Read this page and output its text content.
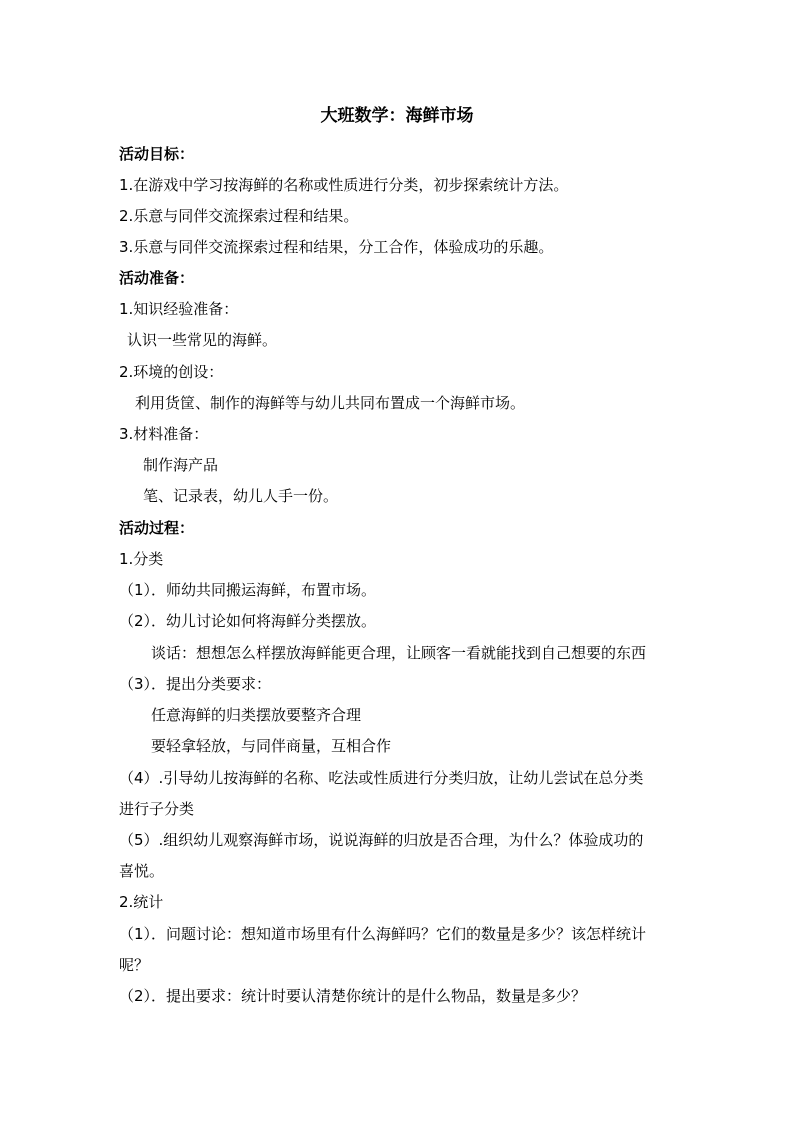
大班数学：海鲜市场
活动目标：
1.在游戏中学习按海鲜的名称或性质进行分类，初步探索统计方法。
2.乐意与同伴交流探索过程和结果。
3.乐意与同伴交流探索过程和结果，分工合作，体验成功的乐趣。
活动准备：
1.知识经验准备：
认识一些常见的海鲜。
2.环境的创设：
利用货筐、制作的海鲜等与幼儿共同布置成一个海鲜市场。
3.材料准备：
制作海产品
笔、记录表，幼儿人手一份。
活动过程：
1.分类
（1）．师幼共同搬运海鲜，布置市场。
（2）．幼儿讨论如何将海鲜分类摆放。
谈话：想想怎么样摆放海鲜能更合理，让顾客一看就能找到自己想要的东西
（3）．提出分类要求：
任意海鲜的归类摆放要整齐合理
要轻拿轻放，与同伴商量，互相合作
（4）.引导幼儿按海鲜的名称、吃法或性质进行分类归放，让幼儿尝试在总分类
进行子分类
（5）.组织幼儿观察海鲜市场，说说海鲜的归放是否合理，为什么？体验成功的
喜悦。
2.统计
（1）．问题讨论：想知道市场里有什么海鲜吗？它们的数量是多少？该怎样统计
呢？
（2）．提出要求：统计时要认清楚你统计的是什么物品，数量是多少？
